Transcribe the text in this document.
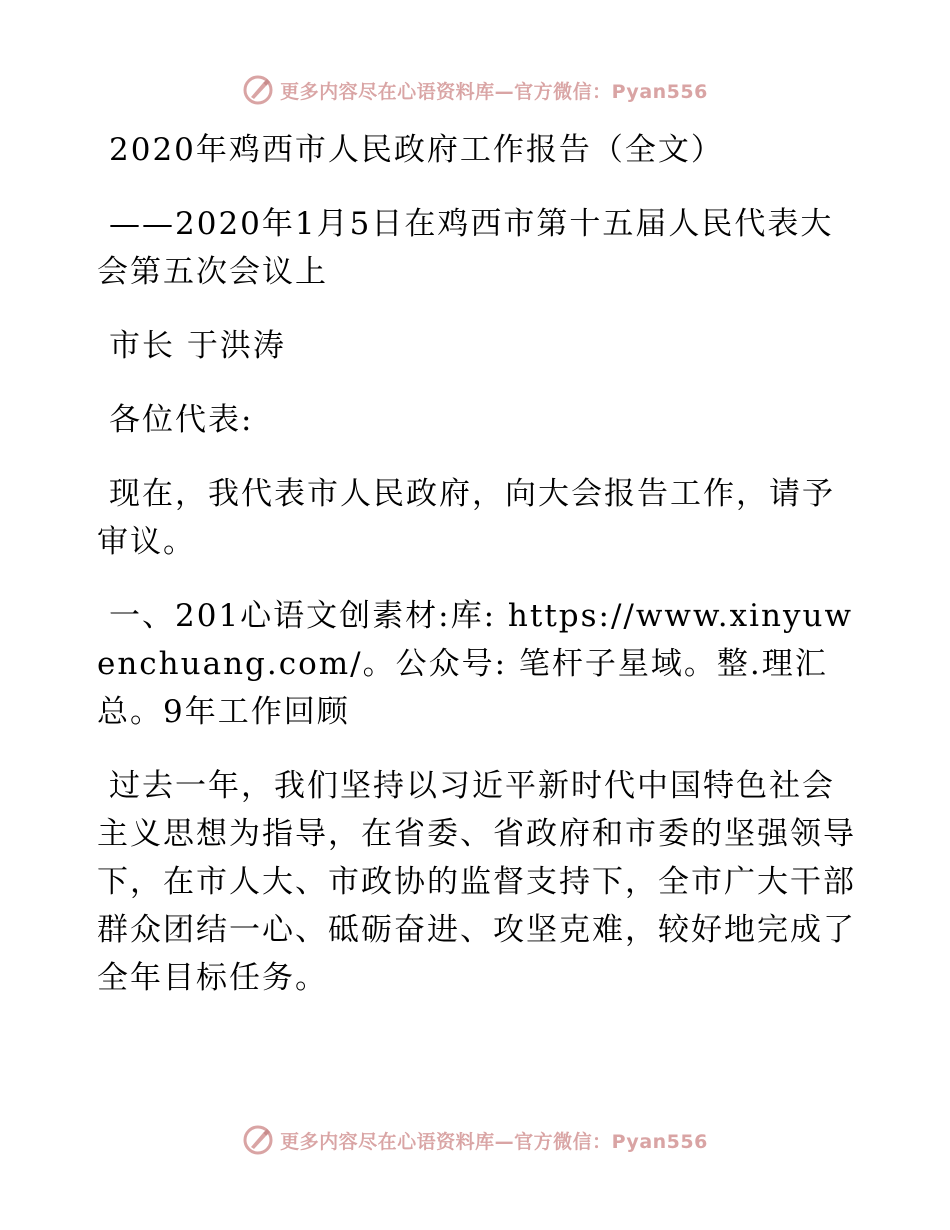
更多内容尽在心语资料库—官方微信：Pyan556

2020年鸡西市人民政府工作报告（全文）

——2020年1月5日在鸡西市第十五届人民代表大会第五次会议上

市长 于洪涛

各位代表:

现在，我代表市人民政府，向大会报告工作，请予审议。

一、201心语文创素材:库: https://www.xinyuwenchuang.com/。公众号: 笔杆子星域。整.理汇总。9年工作回顾

过去一年，我们坚持以习近平新时代中国特色社会主义思想为指导，在省委、省政府和市委的坚强领导下，在市人大、市政协的监督支持下，全市广大干部群众团结一心、砥砺奋进、攻坚克难，较好地完成了全年目标任务。

更多内容尽在心语资料库—官方微信：Pyan556
